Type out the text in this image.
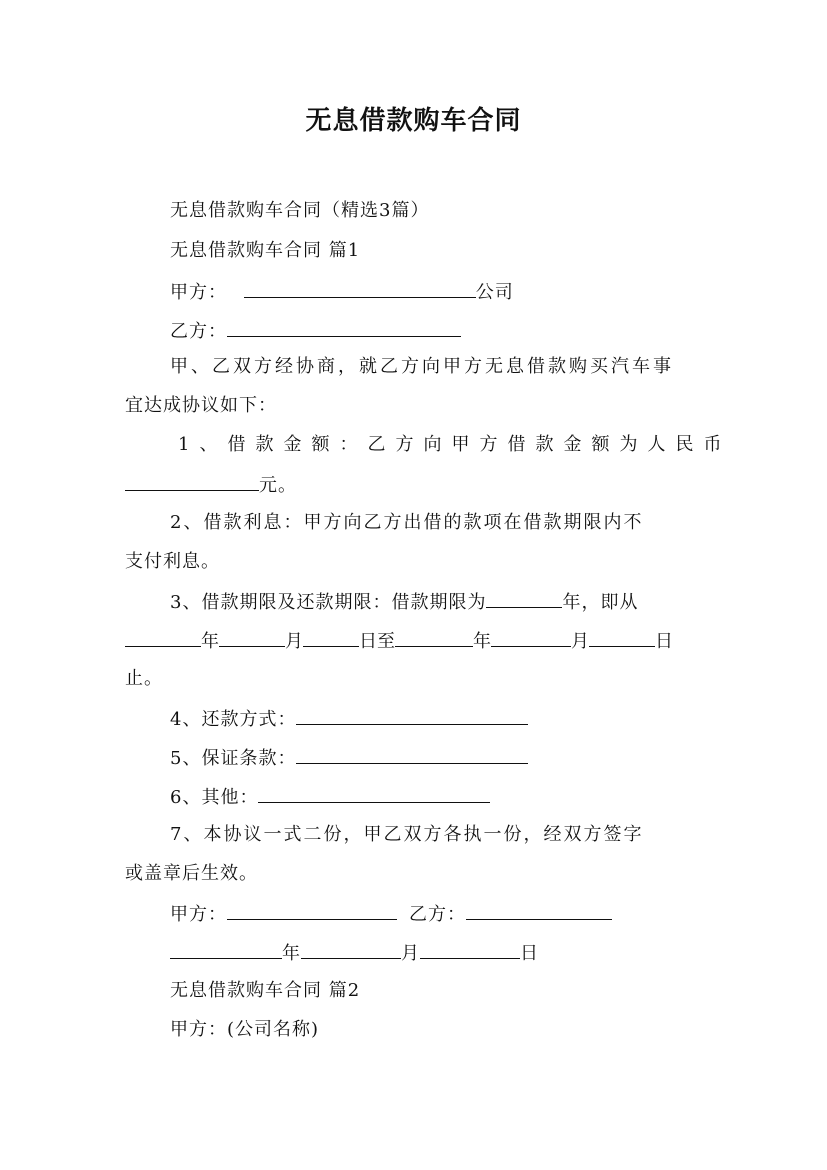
无息借款购车合同
无息借款购车合同（精选3篇）
无息借款购车合同 篇1
甲方：	公司
乙方：
甲、乙双方经协商，就乙方向甲方无息借款购买汽车事
宜达成协议如下：
1、借款金额：乙方向甲方借款金额为人民币
元。
2、借款利息：甲方向乙方出借的款项在借款期限内不
支付利息。
3、借款期限及还款期限：借款期限为	年，即从
年	月	日至	年	月	日
止。
4、还款方式：
5、保证条款：
6、其他：
7、本协议一式二份，甲乙双方各执一份，经双方签字
或盖章后生效。
甲方：	乙方：
年	月	日
无息借款购车合同 篇2
甲方：(公司名称)
